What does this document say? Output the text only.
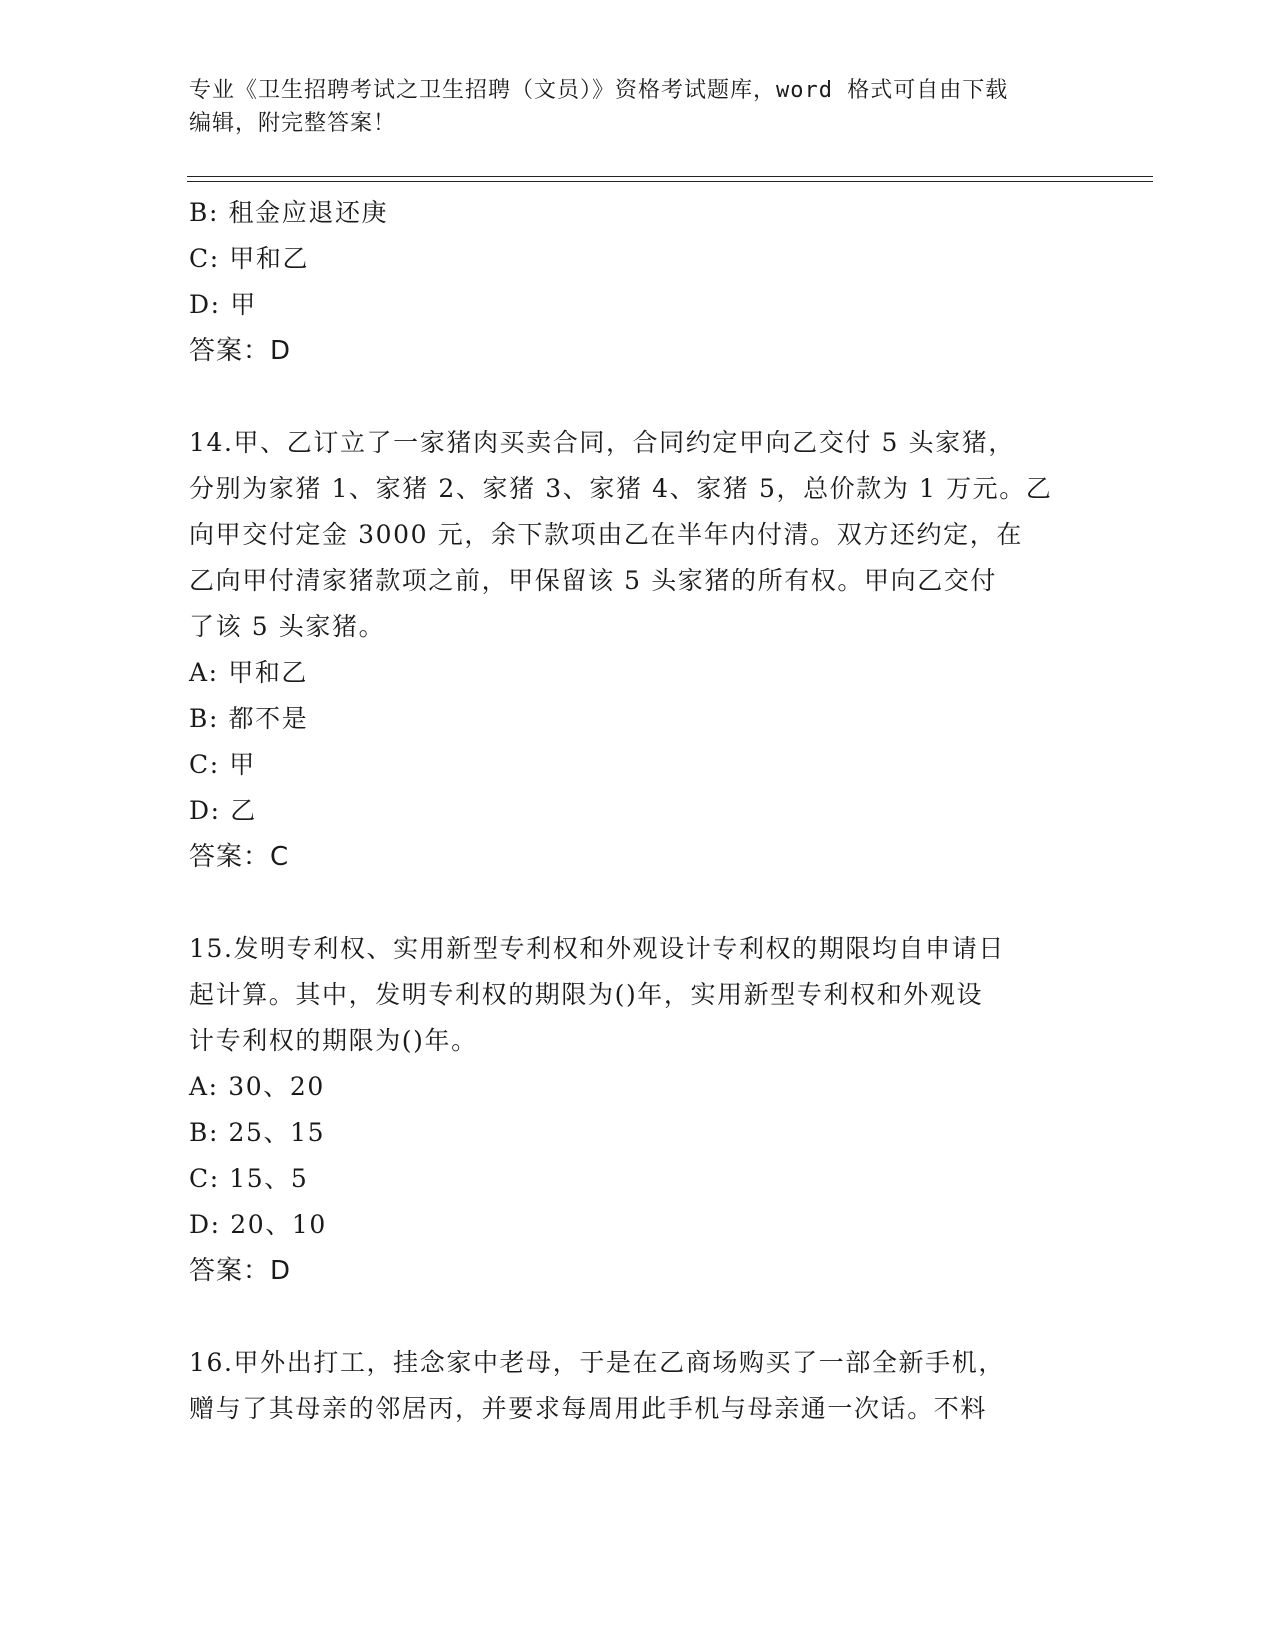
专业《卫生招聘考试之卫生招聘（文员）》资格考试题库，word 格式可自由下载

编辑，附完整答案！

B: 租金应退还庚
C: 甲和乙
D: 甲
答案：D
14.甲、乙订立了一家猪肉买卖合同，合同约定甲向乙交付 5 头家猪，
分别为家猪 1、家猪 2、家猪 3、家猪 4、家猪 5，总价款为 1 万元。乙
向甲交付定金 3000 元，余下款项由乙在半年内付清。双方还约定，在
乙向甲付清家猪款项之前，甲保留该 5 头家猪的所有权。甲向乙交付
了该 5 头家猪。
A: 甲和乙
B: 都不是
C: 甲
D: 乙
答案：C
15.发明专利权、实用新型专利权和外观设计专利权的期限均自申请日
起计算。其中，发明专利权的期限为()年，实用新型专利权和外观设
计专利权的期限为()年。
A: 30、20
B: 25、15
C: 15、5
D: 20、10
答案：D
16.甲外出打工，挂念家中老母，于是在乙商场购买了一部全新手机，
赠与了其母亲的邻居丙，并要求每周用此手机与母亲通一次话。不料
